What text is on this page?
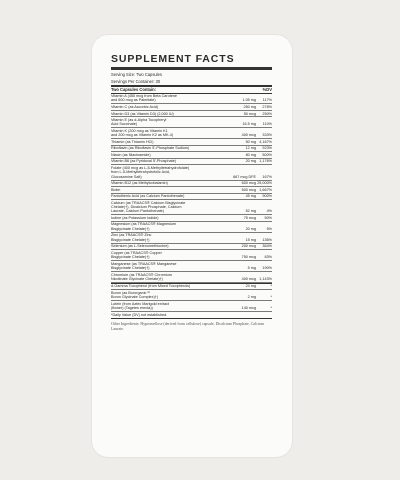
SUPPLEMENT FACTS
Serving Size: Two Capsules
Servings Per Container: 30
Two Capsules Contain:	%DV
Vitamin A (450 mcg from Beta Carotene
and 600 mcg as Palmitate)	1.05 mg	117%
Vitamin C (as Ascorbic Acid)	250 mg	278%
Vitamin D3 (as Vitamin D3) (2,000 IU)	50 mcg	250%
Vitamin E (as d-Alpha Tocopheryl
Acid Succinate)	16.5 mg	110%
Vitamin K (200 mcg as Vitamin K1
and 200 mcg as Vitamin K2 as MK-4)	400 mcg	333%
Thiamin (as Thiamin HCl)	50 mg 4,167%
Riboflavin (as Riboflavin 5'-Phosphate Sodium)	12 mg	923%
Niacin (as Niacinamide)	80 mg	500%
Vitamin B6 (as Pyridoxal 5'-Phosphate)	20 mg 1,176%
Folate (400 mcg as L-5-Methyltetrahydrofolate)
from L-5-Methyltetrahydrofolic Acid,
Glucosamine Salt)	667 mcg DFE	167%
Vitamin B12 (as Methylcobalamin)	600 mcg 25,000%
Biotin	500 mcg 1,667%
Pantothenic Acid (as Calcium Pantothenate)	45 mg	900%
Calcium (as TRAACS® Calcium Bisglycinate
Chelate)†), Dicalcium Phosphate, Calcium
Laurate, Calcium Pantothenate)	52 mg	4%
Iodine (as Potassium Iodide)	75 mcg	50%
Magnesium (as TRAACS® Magnesium
Bisglycinate Chelate)†)	20 mg	5%
Zinc (as TRAACS® Zinc
Bisglycinate Chelate)†)	15 mg	136%
Selenium (as L-Selenomethionine)	200 mcg	364%
Copper (as TRAACS® Copper
Bisglycinate Chelate)†)	750 mcg	83%
Manganese (as TRAACS® Manganese
Bisglycinate Chelate)†)	5 mg	190%
Chromium (as TRAACS® Chromium
Nicotinate Glycinate Chelate)†)	400 mcg 1,143%
d-Gamma Tocopherol (from Mixed Tocopherols)	24 mg	*
Boron (as Bororganic™
Boron Glycinate Complex)†)	2 mg	*
Lutein (from Aztec Marigold extract
(flower) (Tagetes erecta))	140 mcg	*
*Daily Value (DV) not established.
Other Ingredients: Hypromellose (derived from cellulose) capsule, Dicalcium Phosphate, Calcium Laurate.
